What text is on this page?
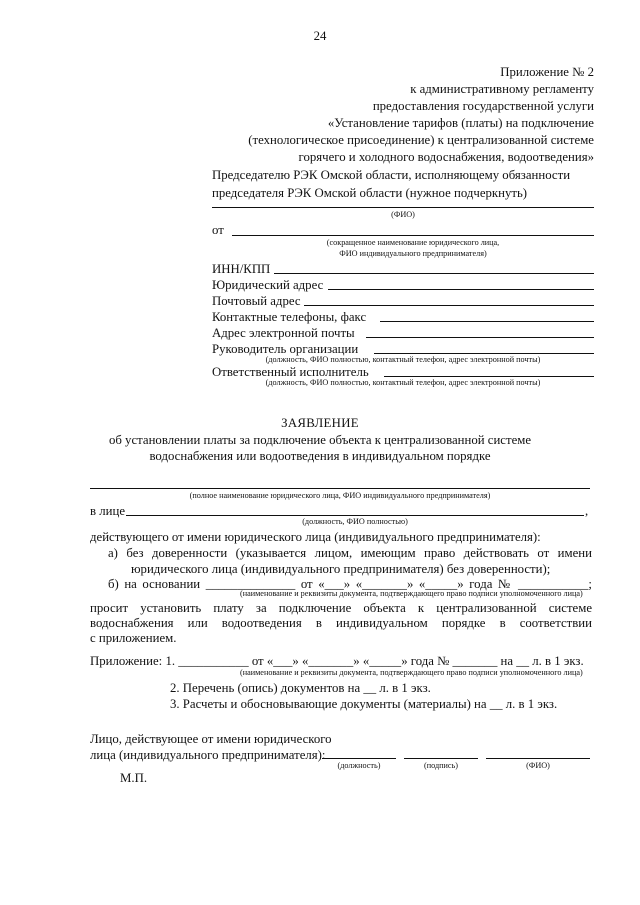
24
Приложение № 2
к административному регламенту
предоставления государственной услуги
«Установление тарифов (платы) на подключение
(технологическое присоединение) к централизованной системе
горячего и холодного водоснабжения, водоотведения»
Председателю РЭК Омской области, исполняющему обязанности
председателя РЭК Омской области (нужное подчеркнуть)
(ФИО)
от
(сокращенное наименование юридического лица,
ФИО индивидуального предпринимателя)
ИНН/КПП
Юридический адрес
Почтовый адрес
Контактные телефоны, факс
Адрес электронной почты
Руководитель организации
(должность, ФИО полностью, контактный телефон, адрес электронной почты)
Ответственный исполнитель
(должность, ФИО полностью, контактный телефон, адрес электронной почты)
ЗАЯВЛЕНИЕ
об установлении платы за подключение объекта к централизованной системе
водоснабжения или водоотведения в индивидуальном порядке
(полное наименование юридического лица, ФИО индивидуального предпринимателя)
в лице	,
(должность, ФИО полностью)
действующего от имени юридического лица (индивидуального предпринимателя):
а) без доверенности (указывается лицом, имеющим право действовать от имени
юридического лица (индивидуального предпринимателя) без доверенности);
б) на основании ______________ от «___» «_______» «_____» года № ___________;
(наименование и реквизиты документа, подтверждающего право подписи уполномоченного лица)
просит установить плату за подключение объекта к централизованной системе
водоснабжения или водоотведения в индивидуальном порядке в соответствии
с приложением.
Приложение: 1. ___________ от «___» «_______» «_____» года № _______ на __ л. в 1 экз.
(наименование и реквизиты документа, подтверждающего право подписи уполномоченного лица)
2. Перечень (опись) документов на __ л. в 1 экз.
3. Расчеты и обосновывающие документы (материалы) на __ л. в 1 экз.
Лицо, действующее от имени юридического
лица (индивидуального предпринимателя):
(должность)	(подпись)	(ФИО)
М.П.
